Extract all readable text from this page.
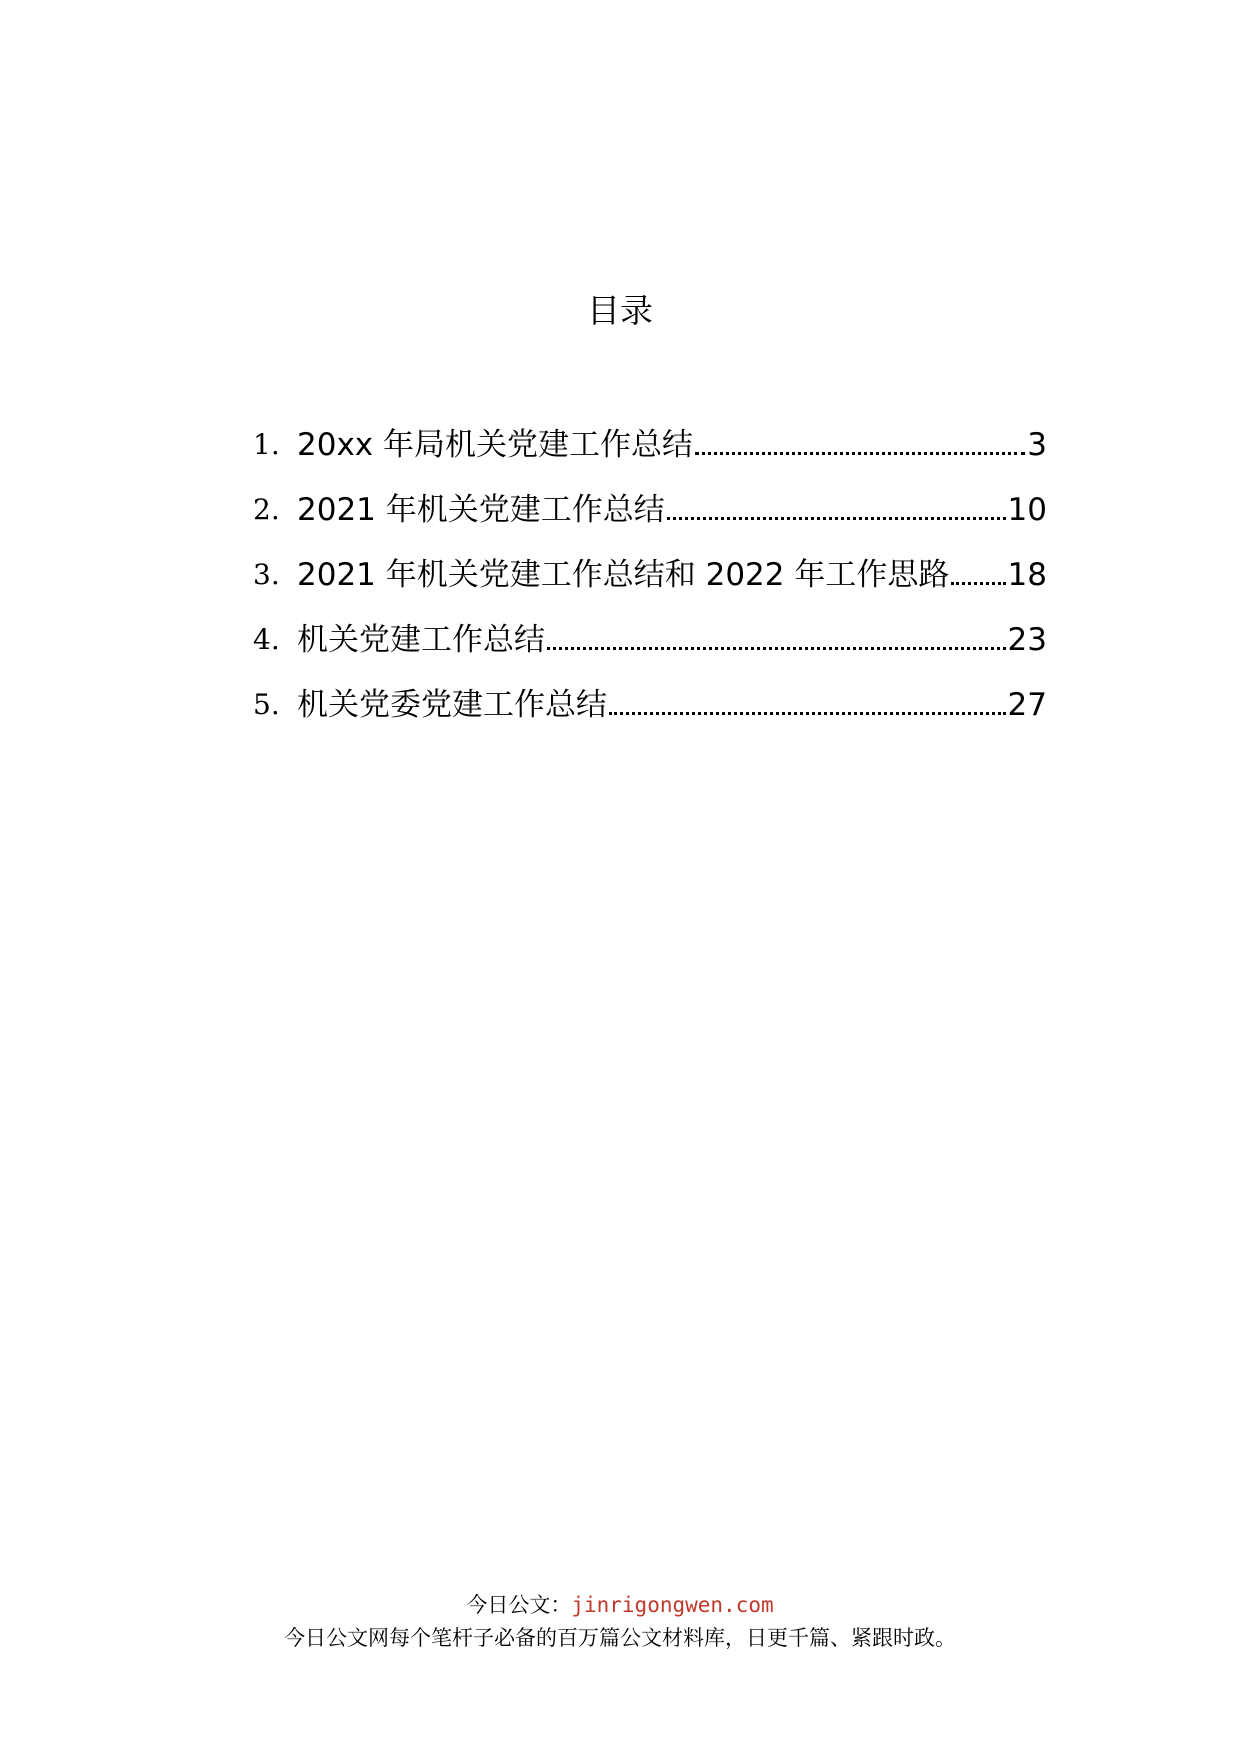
目录
1. 20xx 年局机关党建工作总结	3
2. 2021 年机关党建工作总结	10
3. 2021 年机关党建工作总结和 2022 年工作思路 18
4. 机关党建工作总结	23
5. 机关党委党建工作总结	27
今日公文：jinrigongwen.com
今日公文网每个笔杆子必备的百万篇公文材料库，日更千篇、紧跟时政。
